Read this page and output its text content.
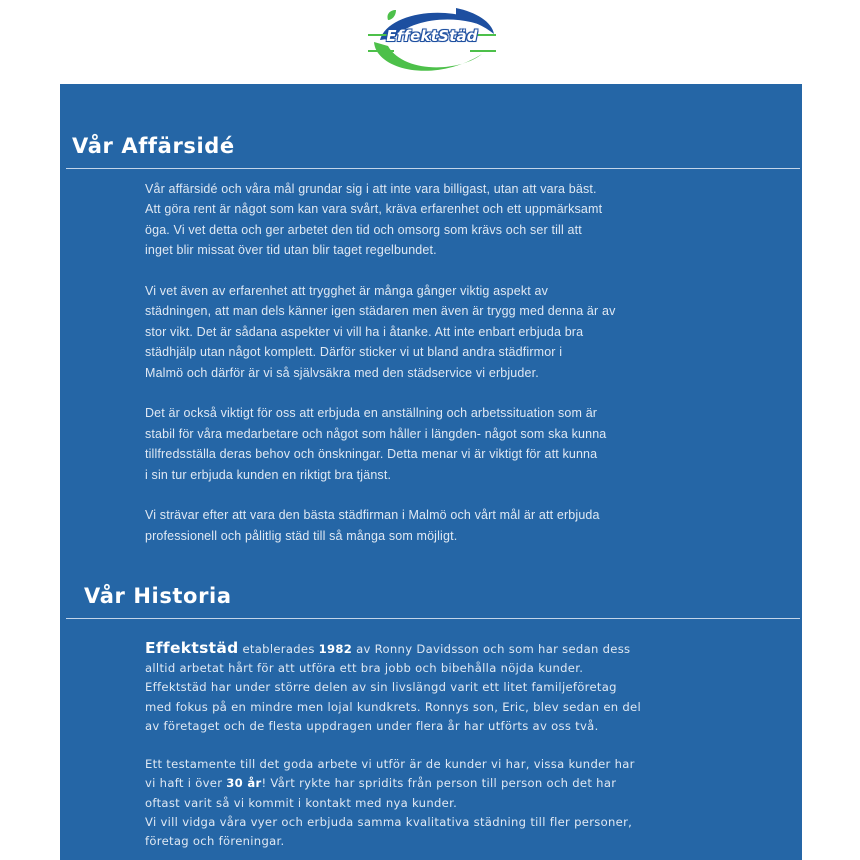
EffektStäd
Vår Affärsidé

Vår affärsidé och våra mål grundar sig i att inte vara billigast, utan att vara bäst.
Att göra rent är något som kan vara svårt, kräva erfarenhet och ett uppmärksamt
öga. Vi vet detta och ger arbetet den tid och omsorg som krävs och ser till att
inget blir missat över tid utan blir taget regelbundet.

Vi vet även av erfarenhet att trygghet är många gånger viktig aspekt av
städningen, att man dels känner igen städaren men även är trygg med denna är av
stor vikt. Det är sådana aspekter vi vill ha i åtanke. Att inte enbart erbjuda bra
städhjälp utan något komplett. Därför sticker vi ut bland andra städfirmor i
Malmö och därför är vi så självsäkra med den städservice vi erbjuder.

Det är också viktigt för oss att erbjuda en anställning och arbetssituation som är
stabil för våra medarbetare och något som håller i längden- något som ska kunna
tillfredsställa deras behov och önskningar. Detta menar vi är viktigt för att kunna
i sin tur erbjuda kunden en riktigt bra tjänst.

Vi strävar efter att vara den bästa städfirman i Malmö och vårt mål är att erbjuda
professionell och pålitlig städ till så många som möjligt.

Vår Historia

Effektstäd etablerades 1982 av Ronny Davidsson och som har sedan dess
alltid arbetat hårt för att utföra ett bra jobb och bibehålla nöjda kunder.
Effektstäd har under större delen av sin livslängd varit ett litet familjeföretag
med fokus på en mindre men lojal kundkrets. Ronnys son, Eric, blev sedan en del
av företaget och de flesta uppdragen under flera år har utförts av oss två.

Ett testamente till det goda arbete vi utför är de kunder vi har, vissa kunder har
vi haft i över 30 år! Vårt rykte har spridits från person till person och det har
oftast varit så vi kommit i kontakt med nya kunder.
Vi vill vidga våra vyer och erbjuda samma kvalitativa städning till fler personer,
företag och föreningar.
